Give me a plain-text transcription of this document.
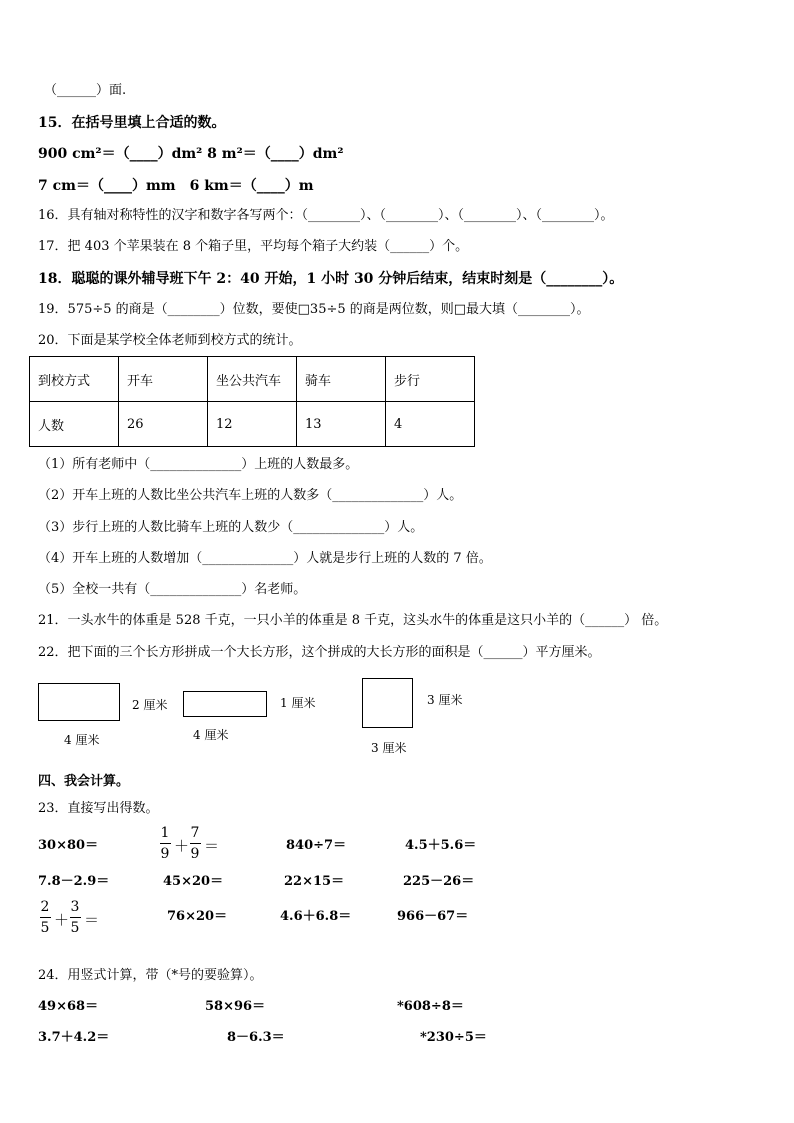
（______）面.
15．在括号里填上合适的数。
900 cm²＝（____）dm² 8 m²＝（____）dm²
7 cm＝（____）mm　6 km＝（____）m
16．具有轴对称特性的汉字和数字各写两个：（________）、（________）、（________）、（________）。
17．把 403 个苹果装在 8 个箱子里，平均每个箱子大约装（______）个。
18．聪聪的课外辅导班下午 2：40 开始，1 小时 30 分钟后结束，结束时刻是（________）。
19．575÷5 的商是（________）位数，要使□35÷5 的商是两位数，则□最大填（________）。
20．下面是某学校全体老师到校方式的统计。
到校方式	开车	坐公共汽车	骑车	步行
人数	26	12	13	4
（1）所有老师中（______________）上班的人数最多。
（2）开车上班的人数比坐公共汽车上班的人数多（______________）人。
（3）步行上班的人数比骑车上班的人数少（______________）人。
（4）开车上班的人数增加（______________）人就是步行上班的人数的 7 倍。
（5）全校一共有（______________）名老师。
21．一头水牛的体重是 528 千克，一只小羊的体重是 8 千克，这头水牛的体重是这只小羊的（______） 倍。
22．把下面的三个长方形拼成一个大长方形，这个拼成的大长方形的面积是（______）平方厘米。
2 厘米
4 厘米
1 厘米
4 厘米
3 厘米
3 厘米
四、我会计算。
23．直接写出得数。
30×80＝
1
9 ＋
7
9 ＝	840÷7＝	4.5＋5.6＝
7.8－2.9＝	45×20＝	22×15＝	225－26＝
2
5 ＋
3
5 ＝	76×20＝	4.6＋6.8＝	966－67＝
24．用竖式计算，带（*号的要验算）。
49×68＝	58×96＝	*608÷8＝
3.7＋4.2＝	8－6.3＝	*230÷5＝
